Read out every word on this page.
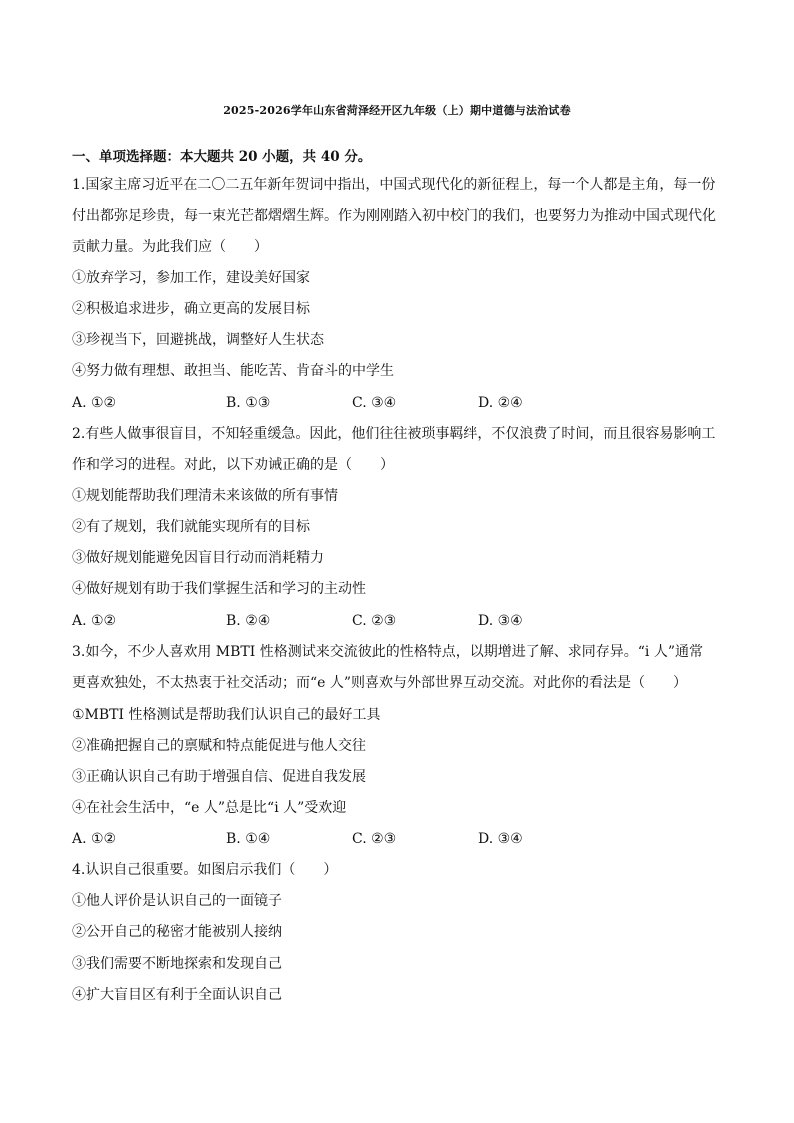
2025-2026学年山东省菏泽经开区九年级（上）期中道德与法治试卷
一、单项选择题：本大题共 20 小题，共 40 分。
1.国家主席习近平在二〇二五年新年贺词中指出，中国式现代化的新征程上，每一个人都是主角，每一份
付出都弥足珍贵，每一束光芒都熠熠生辉。作为刚刚踏入初中校门的我们，也要努力为推动中国式现代化
贡献力量。为此我们应（　　）
①放弃学习，参加工作，建设美好国家
②积极追求进步，确立更高的发展目标
③珍视当下，回避挑战，调整好人生状态
④努力做有理想、敢担当、能吃苦、肯奋斗的中学生
A. ①②	B. ①③	C. ③④	D. ②④
2.有些人做事很盲目，不知轻重缓急。因此，他们往往被琐事羁绊，不仅浪费了时间，而且很容易影响工
作和学习的进程。对此，以下劝诫正确的是（　　）
①规划能帮助我们理清未来该做的所有事情
②有了规划，我们就能实现所有的目标
③做好规划能避免因盲目行动而消耗精力
④做好规划有助于我们掌握生活和学习的主动性
A. ①②	B. ②④	C. ②③	D. ③④
3.如今，不少人喜欢用 MBTI 性格测试来交流彼此的性格特点，以期增进了解、求同存异。“i 人”通常
更喜欢独处，不太热衷于社交活动；而“e 人”则喜欢与外部世界互动交流。对此你的看法是（　　）
①MBTI 性格测试是帮助我们认识自己的最好工具
②准确把握自己的禀赋和特点能促进与他人交往
③正确认识自己有助于增强自信、促进自我发展
④在社会生活中，“e 人”总是比“i 人”受欢迎
A. ①②	B. ①④	C. ②③	D. ③④
4.认识自己很重要。如图启示我们（　　）
①他人评价是认识自己的一面镜子
②公开自己的秘密才能被别人接纳
③我们需要不断地探索和发现自己
④扩大盲目区有利于全面认识自己
